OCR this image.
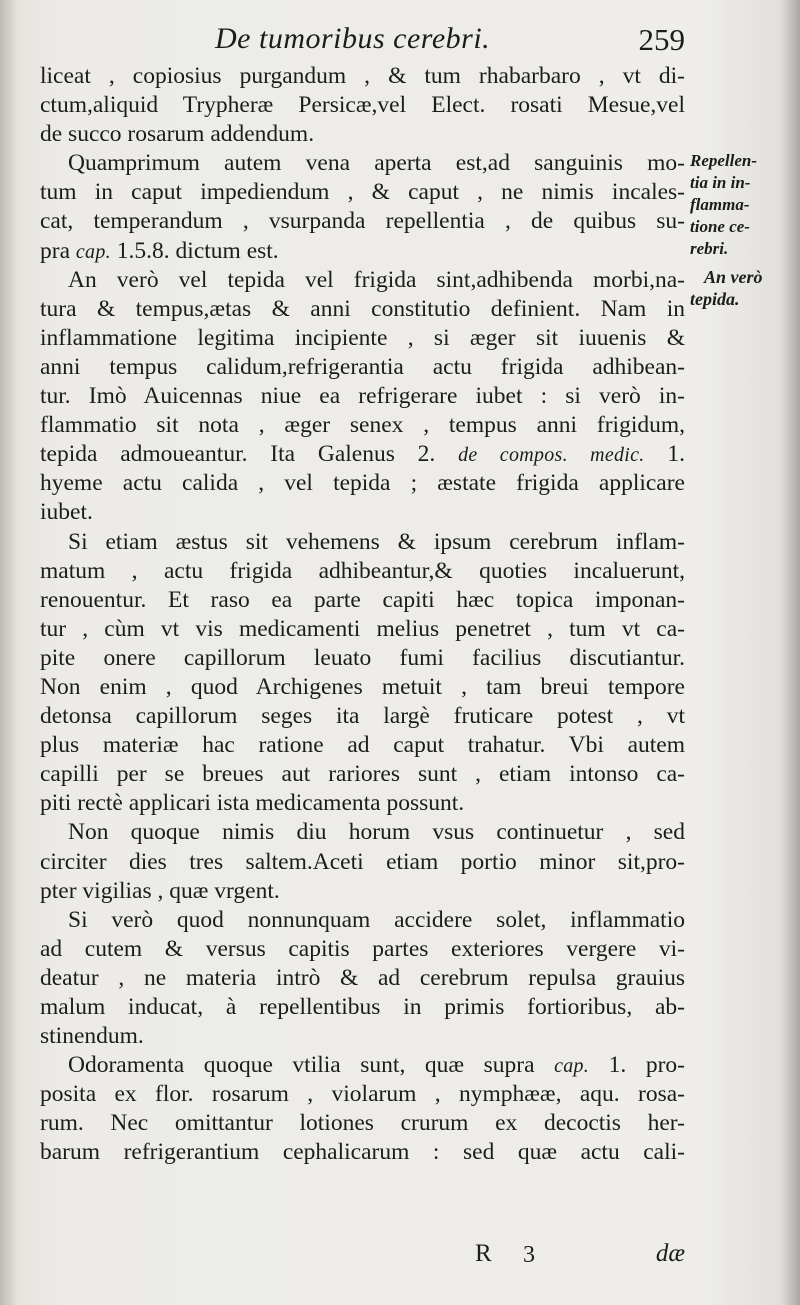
De tumoribus cerebri.	259
liceat , copiosius purgandum , & tum rhabarbaro , vt di-
ctum,aliquid Trypheræ Persicæ,vel Elect. rosati Mesue,vel
de succo rosarum addendum.
Quamprimum autem vena aperta est,ad sanguinis mo-
tum in caput impediendum , & caput , ne nimis incales-
cat, temperandum , vsurpanda repellentia , de quibus su-
pra cap. 1.5.8. dictum est.
An verò vel tepida vel frigida sint,adhibenda morbi,na-
tura & tempus,ætas & anni constitutio definient. Nam in
inflammatione legitima incipiente , si æger sit iuuenis &
anni tempus calidum,refrigerantia actu frigida adhibean-
tur. Imò Auicennas niue ea refrigerare iubet : si verò in-
flammatio sit nota , æger senex , tempus anni frigidum,
tepida admoueantur. Ita Galenus 2. de compos. medic. 1.
hyeme actu calida , vel tepida ; æstate frigida applicare
iubet.
Si etiam æstus sit vehemens & ipsum cerebrum inflam-
matum , actu frigida adhibeantur,& quoties incaluerunt,
renouentur. Et raso ea parte capiti hæc topica imponan-
tur , cùm vt vis medicamenti melius penetret , tum vt ca-
pite onere capillorum leuato fumi facilius discutiantur.
Non enim , quod Archigenes metuit , tam breui tempore
detonsa capillorum seges ita largè fruticare potest , vt
plus materiæ hac ratione ad caput trahatur. Vbi autem
capilli per se breues aut rariores sunt , etiam intonso ca-
piti rectè applicari ista medicamenta possunt.
Non quoque nimis diu horum vsus continuetur , sed
circiter dies tres saltem.Aceti etiam portio minor sit,pro-
pter vigilias , quæ vrgent.
Si verò quod nonnunquam accidere solet, inflammatio
ad cutem & versus capitis partes exteriores vergere vi-
deatur , ne materia intrò & ad cerebrum repulsa grauius
malum inducat, à repellentibus in primis fortioribus, ab-
stinendum.
Odoramenta quoque vtilia sunt, quæ supra cap. 1. pro-
posita ex flor. rosarum , violarum , nymphææ, aqu. rosa-
rum. Nec omittantur lotiones crurum ex decoctis her-
barum refrigerantium cephalicarum : sed quæ actu cali-
Repellen-
tia in in-
flamma-
tione ce-
rebri.
An verò
tepida.
R 3	dæ
